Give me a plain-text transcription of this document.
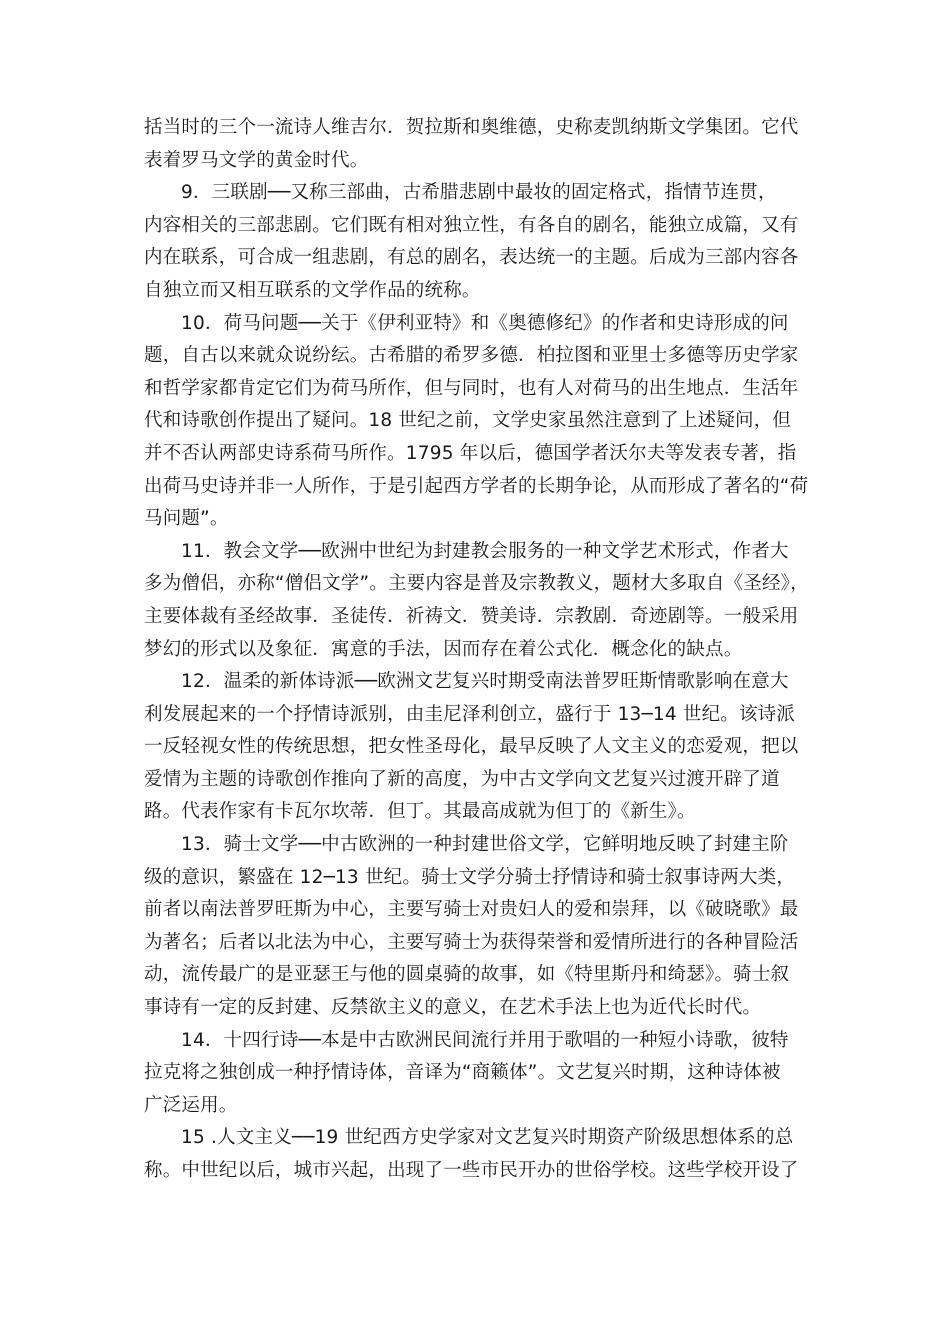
括当时的三个一流诗人维吉尔．贺拉斯和奥维德，史称麦凯纳斯文学集团。它代
表着罗马文学的黄金时代。
9．三联剧──又称三部曲，古希腊悲剧中最妆的固定格式，指情节连贯，
内容相关的三部悲剧。它们既有相对独立性，有各自的剧名，能独立成篇，又有
内在联系，可合成一组悲剧，有总的剧名，表达统一的主题。后成为三部内容各
自独立而又相互联系的文学作品的统称。
10．荷马问题──关于《伊利亚特》和《奥德修纪》的作者和史诗形成的问
题，自古以来就众说纷纭。古希腊的希罗多德．柏拉图和亚里士多德等历史学家
和哲学家都肯定它们为荷马所作，但与同时，也有人对荷马的出生地点．生活年
代和诗歌创作提出了疑问。18 世纪之前，文学史家虽然注意到了上述疑问，但
并不否认两部史诗系荷马所作。1795 年以后，德国学者沃尔夫等发表专著，指
出荷马史诗并非一人所作，于是引起西方学者的长期争论，从而形成了著名的“荷
马问题”。
11．教会文学──欧洲中世纪为封建教会服务的一种文学艺术形式，作者大
多为僧侣，亦称“僧侣文学”。主要内容是普及宗教教义，题材大多取自《圣经》，
主要体裁有圣经故事．圣徒传．祈祷文．赞美诗．宗教剧．奇迹剧等。一般采用
梦幻的形式以及象征．寓意的手法，因而存在着公式化．概念化的缺点。
12．温柔的新体诗派──欧洲文艺复兴时期受南法普罗旺斯情歌影响在意大
利发展起来的一个抒情诗派别，由圭尼泽利创立，盛行于 13─14 世纪。该诗派
一反轻视女性的传统思想，把女性圣母化，最早反映了人文主义的恋爱观，把以
爱情为主题的诗歌创作推向了新的高度，为中古文学向文艺复兴过渡开辟了道
路。代表作家有卡瓦尔坎蒂．但丁。其最高成就为但丁的《新生》。
13．骑士文学──中古欧洲的一种封建世俗文学，它鲜明地反映了封建主阶
级的意识，繁盛在 12─13 世纪。骑士文学分骑士抒情诗和骑士叙事诗两大类，
前者以南法普罗旺斯为中心，主要写骑士对贵妇人的爱和崇拜，以《破晓歌》最
为著名；后者以北法为中心，主要写骑士为获得荣誉和爱情所进行的各种冒险活
动，流传最广的是亚瑟王与他的圆桌骑的故事，如《特里斯丹和绮瑟》。骑士叙
事诗有一定的反封建、反禁欲主义的意义，在艺术手法上也为近代长时代。
14．十四行诗──本是中古欧洲民间流行并用于歌唱的一种短小诗歌，彼特
拉克将之独创成一种抒情诗体，音译为“商籁体”。文艺复兴时期，这种诗体被
广泛运用。
15 .人文主义──19 世纪西方史学家对文艺复兴时期资产阶级思想体系的总
称。中世纪以后，城市兴起，出现了一些市民开办的世俗学校。这些学校开设了
